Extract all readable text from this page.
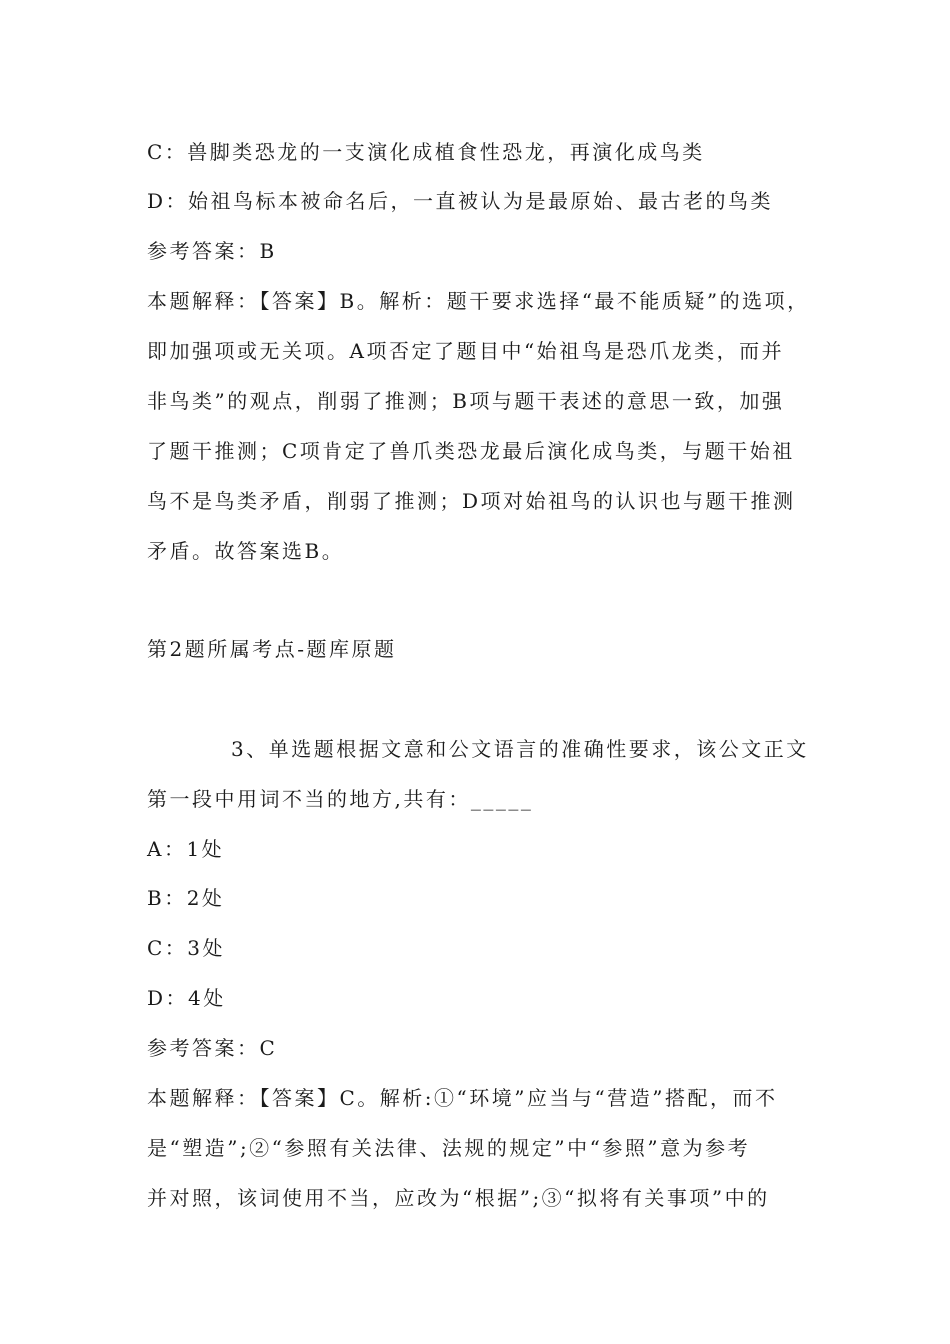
C：兽脚类恐龙的一支演化成植食性恐龙，再演化成鸟类
D：始祖鸟标本被命名后，一直被认为是最原始、最古老的鸟类
参考答案：B
本题解释：【答案】B。解析：题干要求选择“最不能质疑”的选项，
即加强项或无关项。A项否定了题目中“始祖鸟是恐爪龙类，而并
非鸟类”的观点，削弱了推测；B项与题干表述的意思一致，加强
了题干推测；C项肯定了兽爪类恐龙最后演化成鸟类，与题干始祖
鸟不是鸟类矛盾，削弱了推测；D项对始祖鸟的认识也与题干推测
矛盾。故答案选B。
第2题所属考点-题库原题
3、单选题根据文意和公文语言的准确性要求，该公文正文
第一段中用词不当的地方,共有：_____
A：1处
B：2处
C：3处
D：4处
参考答案：C
本题解释：【答案】C。解析:①“环境”应当与“营造”搭配，而不
是“塑造”;②“参照有关法律、法规的规定”中“参照”意为参考
并对照，该词使用不当，应改为“根据”;③“拟将有关事项”中的
